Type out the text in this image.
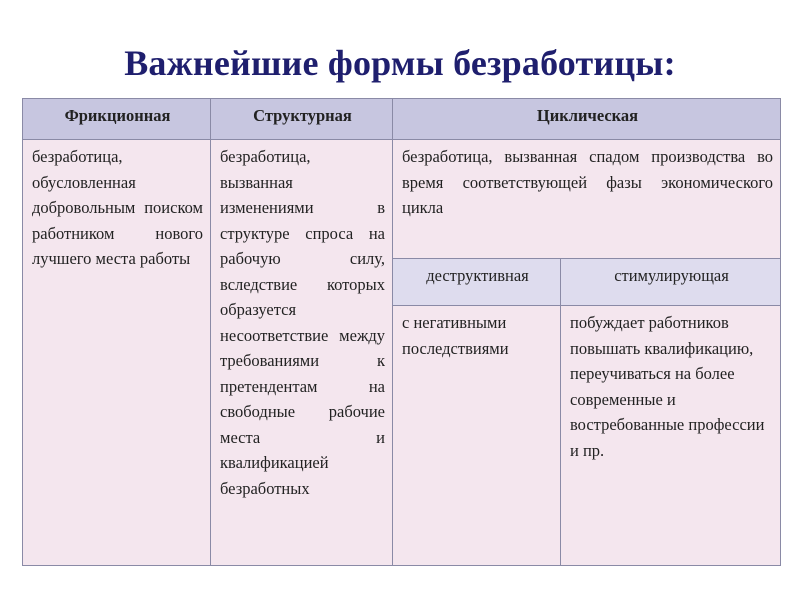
Важнейшие формы безработицы:
Фрикционная	Структурная	Циклическая	

безработица, обусловленная добровольным поиском работником нового лучшего места работы	безработица, вызванная изменениями в структуре спроса на рабочую силу, вследствие которых образуется несоответствие между требованиями к претендентам на свободные рабочие места и квалификацией безработных	безработица, вызванная спадом производства во время соответствующей фазы экономического цикла	

		деструктивная	стимулирующая

		с негативными последствиями	побуждает работников повышать квалификацию, переучиваться на более современные и востребованные профессии и пр.
